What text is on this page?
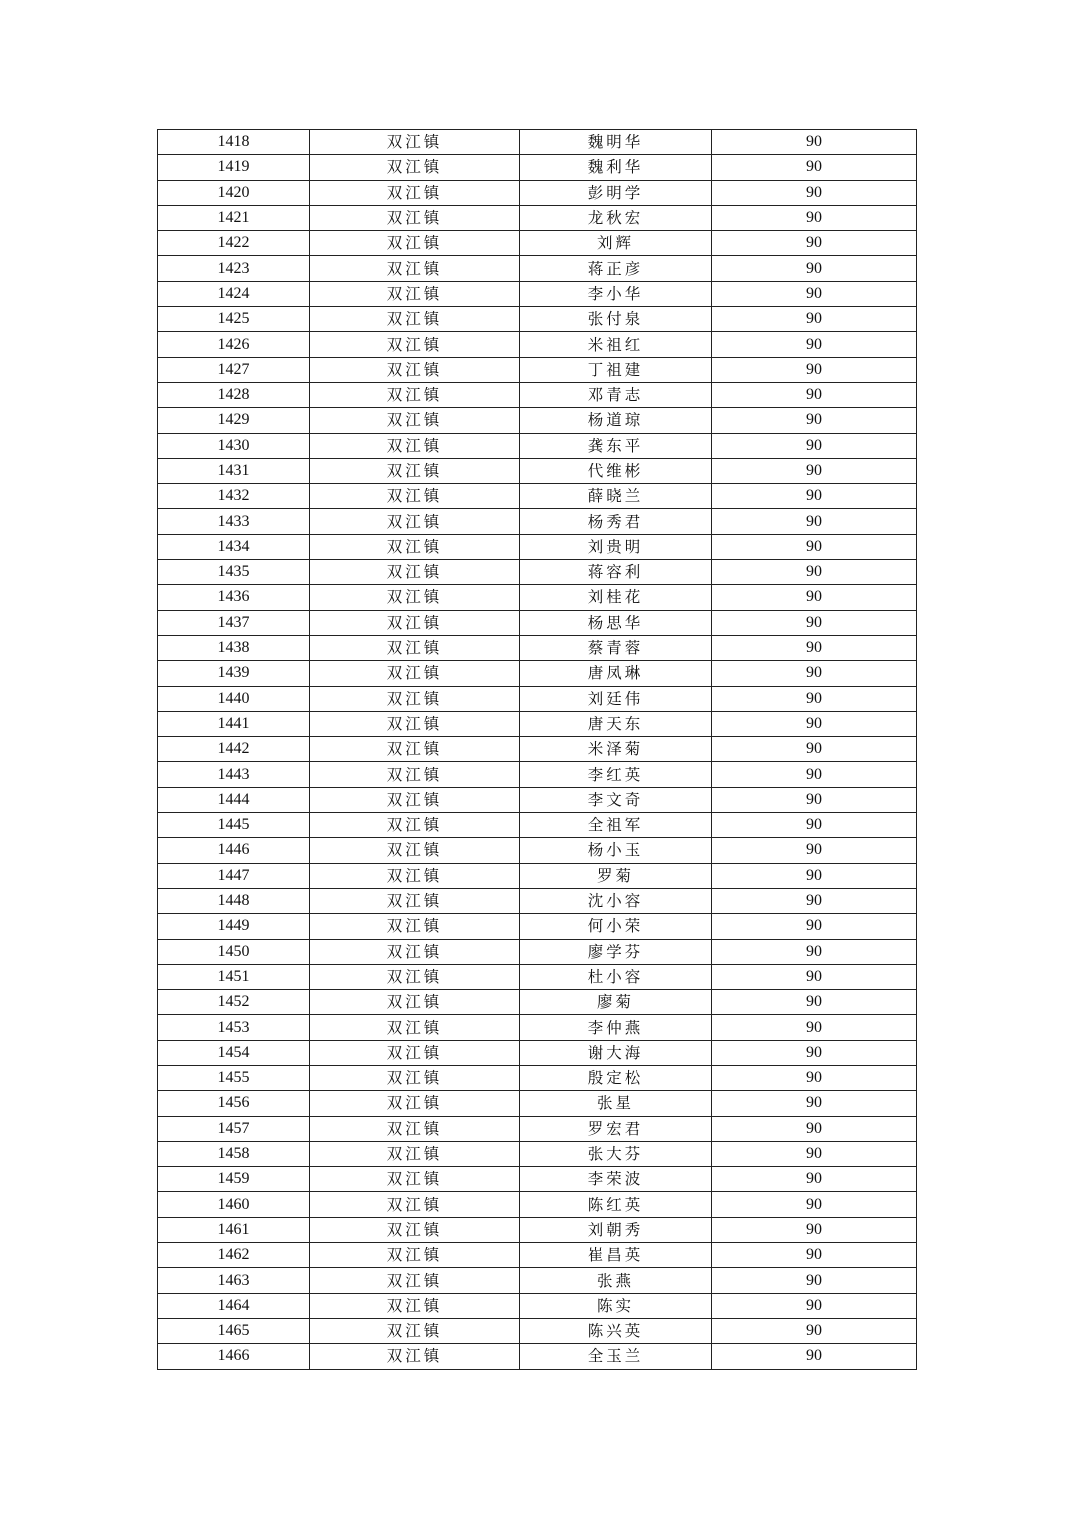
1418	双江镇	魏明华	90
1419	双江镇	魏利华	90
1420	双江镇	彭明学	90
1421	双江镇	龙秋宏	90
1422	双江镇	刘辉	90
1423	双江镇	蒋正彦	90
1424	双江镇	李小华	90
1425	双江镇	张付泉	90
1426	双江镇	米祖红	90
1427	双江镇	丁祖建	90
1428	双江镇	邓青志	90
1429	双江镇	杨道琼	90
1430	双江镇	龚东平	90
1431	双江镇	代维彬	90
1432	双江镇	薛晓兰	90
1433	双江镇	杨秀君	90
1434	双江镇	刘贵明	90
1435	双江镇	蒋容利	90
1436	双江镇	刘桂花	90
1437	双江镇	杨思华	90
1438	双江镇	蔡青蓉	90
1439	双江镇	唐凤琳	90
1440	双江镇	刘廷伟	90
1441	双江镇	唐天东	90
1442	双江镇	米泽菊	90
1443	双江镇	李红英	90
1444	双江镇	李文奇	90
1445	双江镇	全祖军	90
1446	双江镇	杨小玉	90
1447	双江镇	罗菊	90
1448	双江镇	沈小容	90
1449	双江镇	何小荣	90
1450	双江镇	廖学芬	90
1451	双江镇	杜小容	90
1452	双江镇	廖菊	90
1453	双江镇	李仲燕	90
1454	双江镇	谢大海	90
1455	双江镇	殷定松	90
1456	双江镇	张星	90
1457	双江镇	罗宏君	90
1458	双江镇	张大芬	90
1459	双江镇	李荣波	90
1460	双江镇	陈红英	90
1461	双江镇	刘朝秀	90
1462	双江镇	崔昌英	90
1463	双江镇	张燕	90
1464	双江镇	陈实	90
1465	双江镇	陈兴英	90
1466	双江镇	全玉兰	90
